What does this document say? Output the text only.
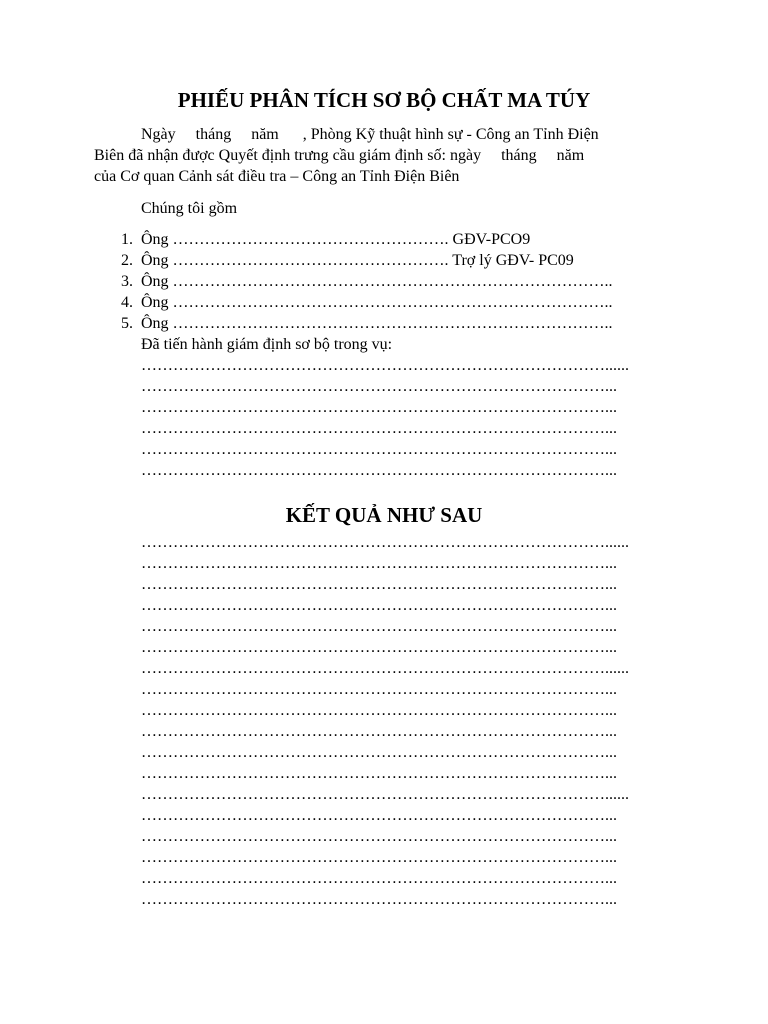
PHIẾU PHÂN TÍCH SƠ BỘ CHẤT MA TÚY
Ngày     tháng     năm      , Phòng Kỹ thuật hình sự - Công an Tỉnh Điện
Biên đã nhận được Quyết định trưng cầu giám định số: ngày     tháng     năm
của Cơ quan Cảnh sát điều tra – Công an Tỉnh Điện Biên
Chúng tôi gồm
1. Ông ……………………………………………. GĐV-PCO9
2. Ông ……………………………………………. Trợ lý GĐV- PC09
3. Ông ………………………………………………………………………..
4. Ông ………………………………………………………………………..
5. Ông ………………………………………………………………………..
Đã tiến hành giám định sơ bộ trong vụ:
……………………………………………………………………………......
……………………………………………………………………………...
……………………………………………………………………………...
……………………………………………………………………………...
……………………………………………………………………………...
……………………………………………………………………………...
KẾT QUẢ NHƯ SAU
……………………………………………………………………………......
……………………………………………………………………………...
……………………………………………………………………………...
……………………………………………………………………………...
……………………………………………………………………………...
……………………………………………………………………………...
……………………………………………………………………………......
……………………………………………………………………………...
……………………………………………………………………………...
……………………………………………………………………………...
……………………………………………………………………………...
……………………………………………………………………………...
……………………………………………………………………………......
……………………………………………………………………………...
……………………………………………………………………………...
……………………………………………………………………………...
……………………………………………………………………………...
……………………………………………………………………………...
